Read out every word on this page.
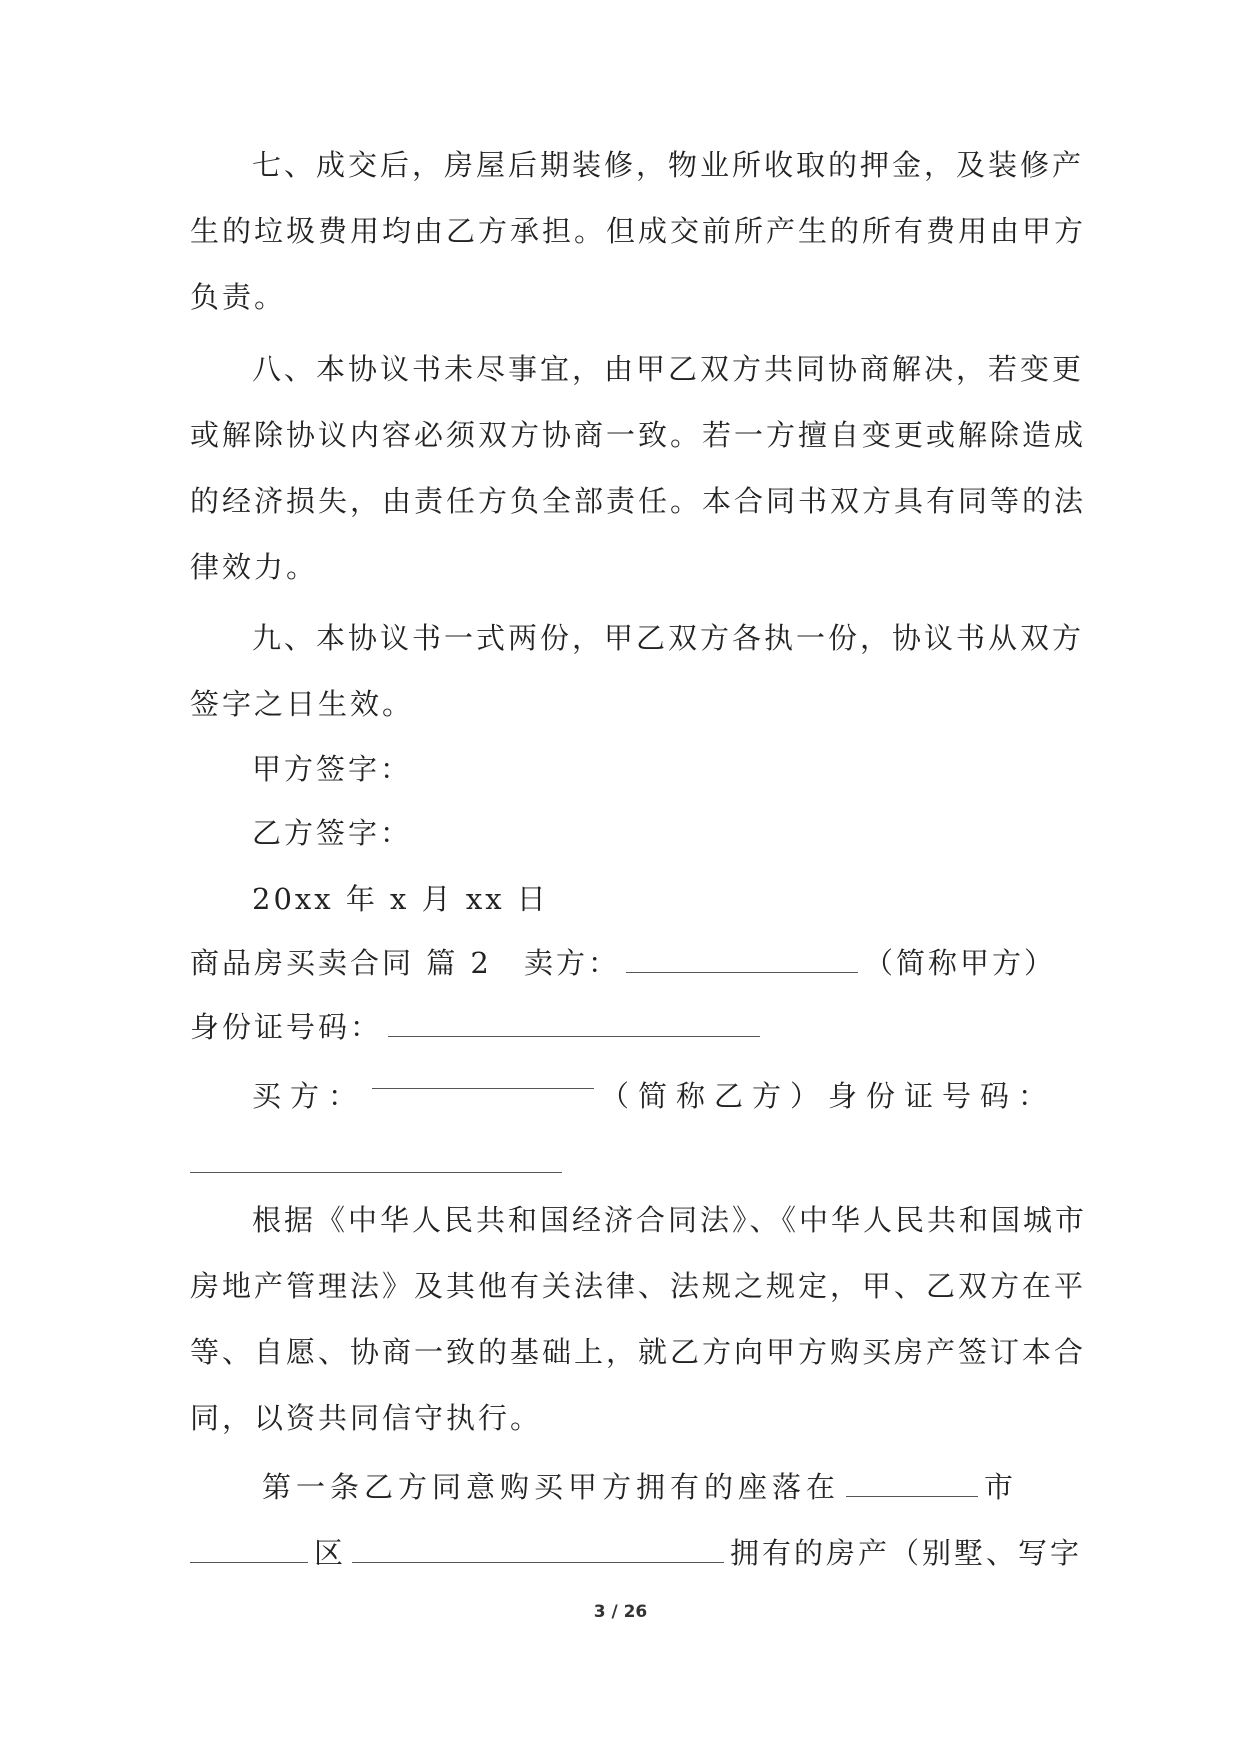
七、成交后，房屋后期装修，物业所收取的押金，及装修产
生的垃圾费用均由乙方承担。但成交前所产生的所有费用由甲方
负责。
八、本协议书未尽事宜，由甲乙双方共同协商解决，若变更
或解除协议内容必须双方协商一致。若一方擅自变更或解除造成
的经济损失，由责任方负全部责任。本合同书双方具有同等的法
律效力。
九、本协议书一式两份，甲乙双方各执一份，协议书从双方
签字之日生效。
甲方签字：
乙方签字：
20xx 年 x 月 xx 日
商品房买卖合同 篇 2 卖方：	（简称甲方）
身份证号码：
买方：	（简称乙方） 身份证号码：
根据《中华人民共和国经济合同法》、《中华人民共和国城市
房地产管理法》及其他有关法律、法规之规定，甲、乙双方在平
等、自愿、协商一致的基础上，就乙方向甲方购买房产签订本合
同，以资共同信守执行。
第一条乙方同意购买甲方拥有的座落在	市
区	拥有的房产（别墅、写字
3 / 26
